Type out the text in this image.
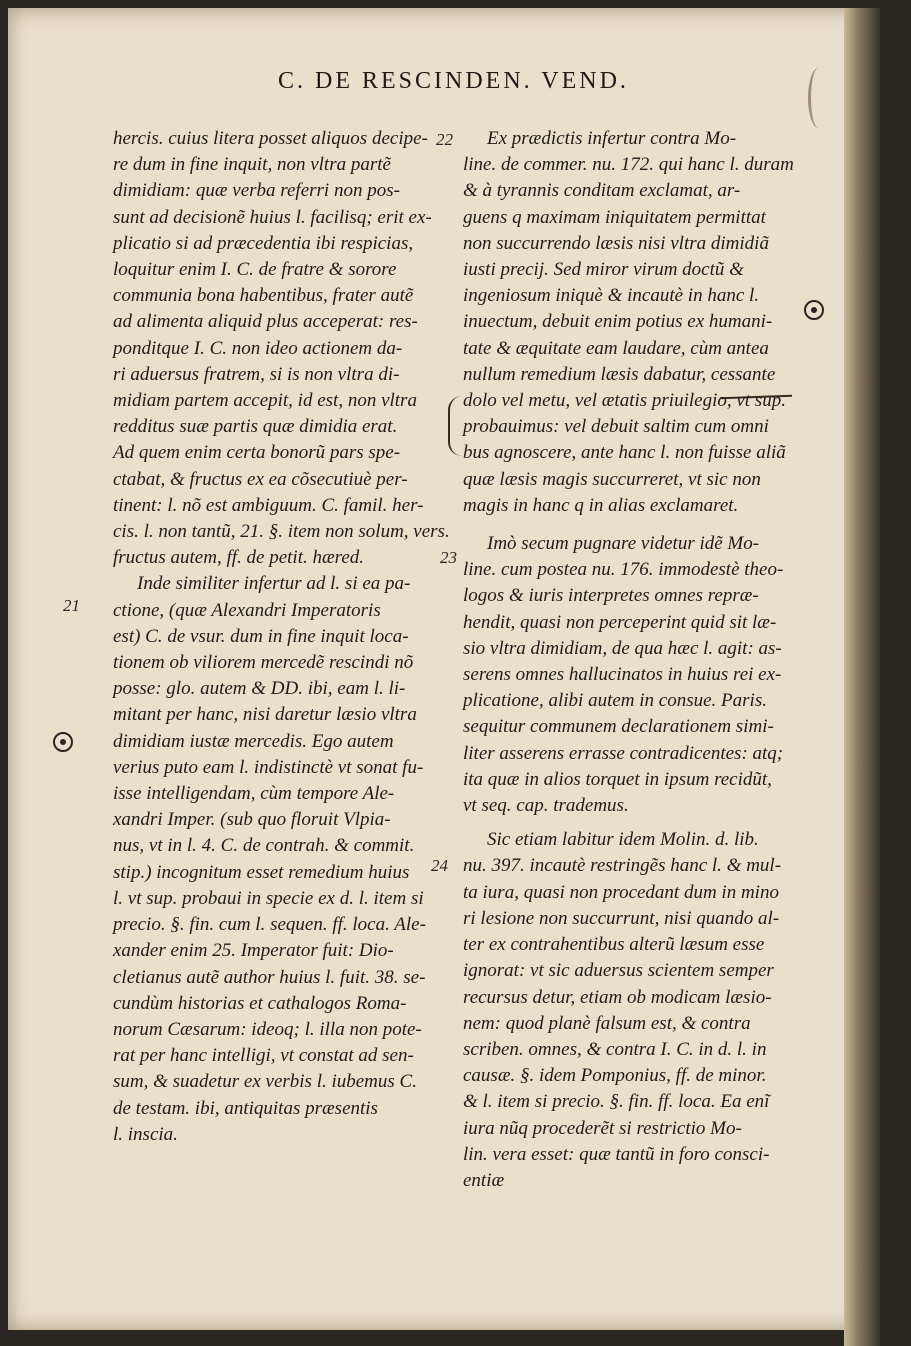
C. DE RESCINDEN. VEND.
22
23
21
24
hercis. cuius litera posset aliquos decipe-
re dum in fine inquit, non vltra partẽ
dimidiam: quæ verba referri non pos-
sunt ad decisionẽ huius l. facilisq; erit ex-
plicatio si ad præcedentia ibi respicias,
loquitur enim I. C. de fratre & sorore
communia bona habentibus, frater autẽ
ad alimenta aliquid plus acceperat: res-
ponditque I. C. non ideo actionem da-
ri aduersus fratrem, si is non vltra di-
midiam partem accepit, id est, non vltra
redditus suæ partis quæ dimidia erat.
Ad quem enim certa bonorũ pars spe-
ctabat, & fructus ex ea cõsecutiuè per-
tinent: l. nõ est ambiguum. C. famil. her-
cis. l. non tantũ, 21. §. item non solum, vers.
fructus autem, ff. de petit. hæred.
Inde similiter infertur ad l. si ea pa-
ctione, (quæ Alexandri Imperatoris
est) C. de vsur. dum in fine inquit loca-
tionem ob viliorem mercedẽ rescindi nõ
posse: glo. autem & DD. ibi, eam l. li-
mitant per hanc, nisi daretur læsio vltra
dimidiam iustæ mercedis. Ego autem
verius puto eam l. indistinctè vt sonat fu-
isse intelligendam, cùm tempore Ale-
xandri Imper. (sub quo floruit Vlpia-
nus, vt in l. 4. C. de contrah. & commit.
stip.) incognitum esset remedium huius
l. vt sup. probaui in specie ex d. l. item si
precio. §. fin. cum l. sequen. ff. loca. Ale-
xander enim 25. Imperator fuit: Dio-
cletianus autẽ author huius l. fuit. 38. se-
cundùm historias et cathalogos Roma-
norum Cæsarum: ideoq; l. illa non pote-
rat per hanc intelligi, vt constat ad sen-
sum, & suadetur ex verbis l. iubemus C.
de testam. ibi, antiquitas præsentis
l. inscia.
Ex prædictis infertur contra Mo-
line. de commer. nu. 172. qui hanc l. duram
& à tyrannis conditam exclamat, ar-
guens q maximam iniquitatem permittat
non succurrendo læsis nisi vltra dimidiã
iusti precij. Sed miror virum doctũ &
ingeniosum iniquè & incautè in hanc l.
inuectum, debuit enim potius ex humani-
tate & æquitate eam laudare, cùm antea
nullum remedium læsis dabatur, cessante
dolo vel metu, vel ætatis priuilegio, vt sup.
probauimus: vel debuit saltim cum omni
bus agnoscere, ante hanc l. non fuisse aliã
quæ læsis magis succurreret, vt sic non
magis in hanc q in alias exclamaret.
Imò secum pugnare videtur idẽ Mo-
line. cum postea nu. 176. immodestè theo-
logos & iuris interpretes omnes repræ-
hendit, quasi non perceperint quid sit læ-
sio vltra dimidiam, de qua hæc l. agit: as-
serens omnes hallucinatos in huius rei ex-
plicatione, alibi autem in consue. Paris.
sequitur communem declarationem simi-
liter asserens errasse contradicentes: atq;
ita quæ in alios torquet in ipsum recidũt,
vt seq. cap. trademus.
Sic etiam labitur idem Molin. d. lib.
nu. 397. incautè restringẽs hanc l. & mul-
ta iura, quasi non procedant dum in mino
ri lesione non succurrunt, nisi quando al-
ter ex contrahentibus alterũ læsum esse
ignorat: vt sic aduersus scientem semper
recursus detur, etiam ob modicam læsio-
nem: quod planè falsum est, & contra
scriben. omnes, & contra I. C. in d. l. in
causæ. §. idem Pomponius, ff. de minor.
& l. item si precio. §. fin. ff. loca. Ea enĩ
iura nũq procederẽt si restrictio Mo-
lin. vera esset: quæ tantũ in foro consci-
entiæ
